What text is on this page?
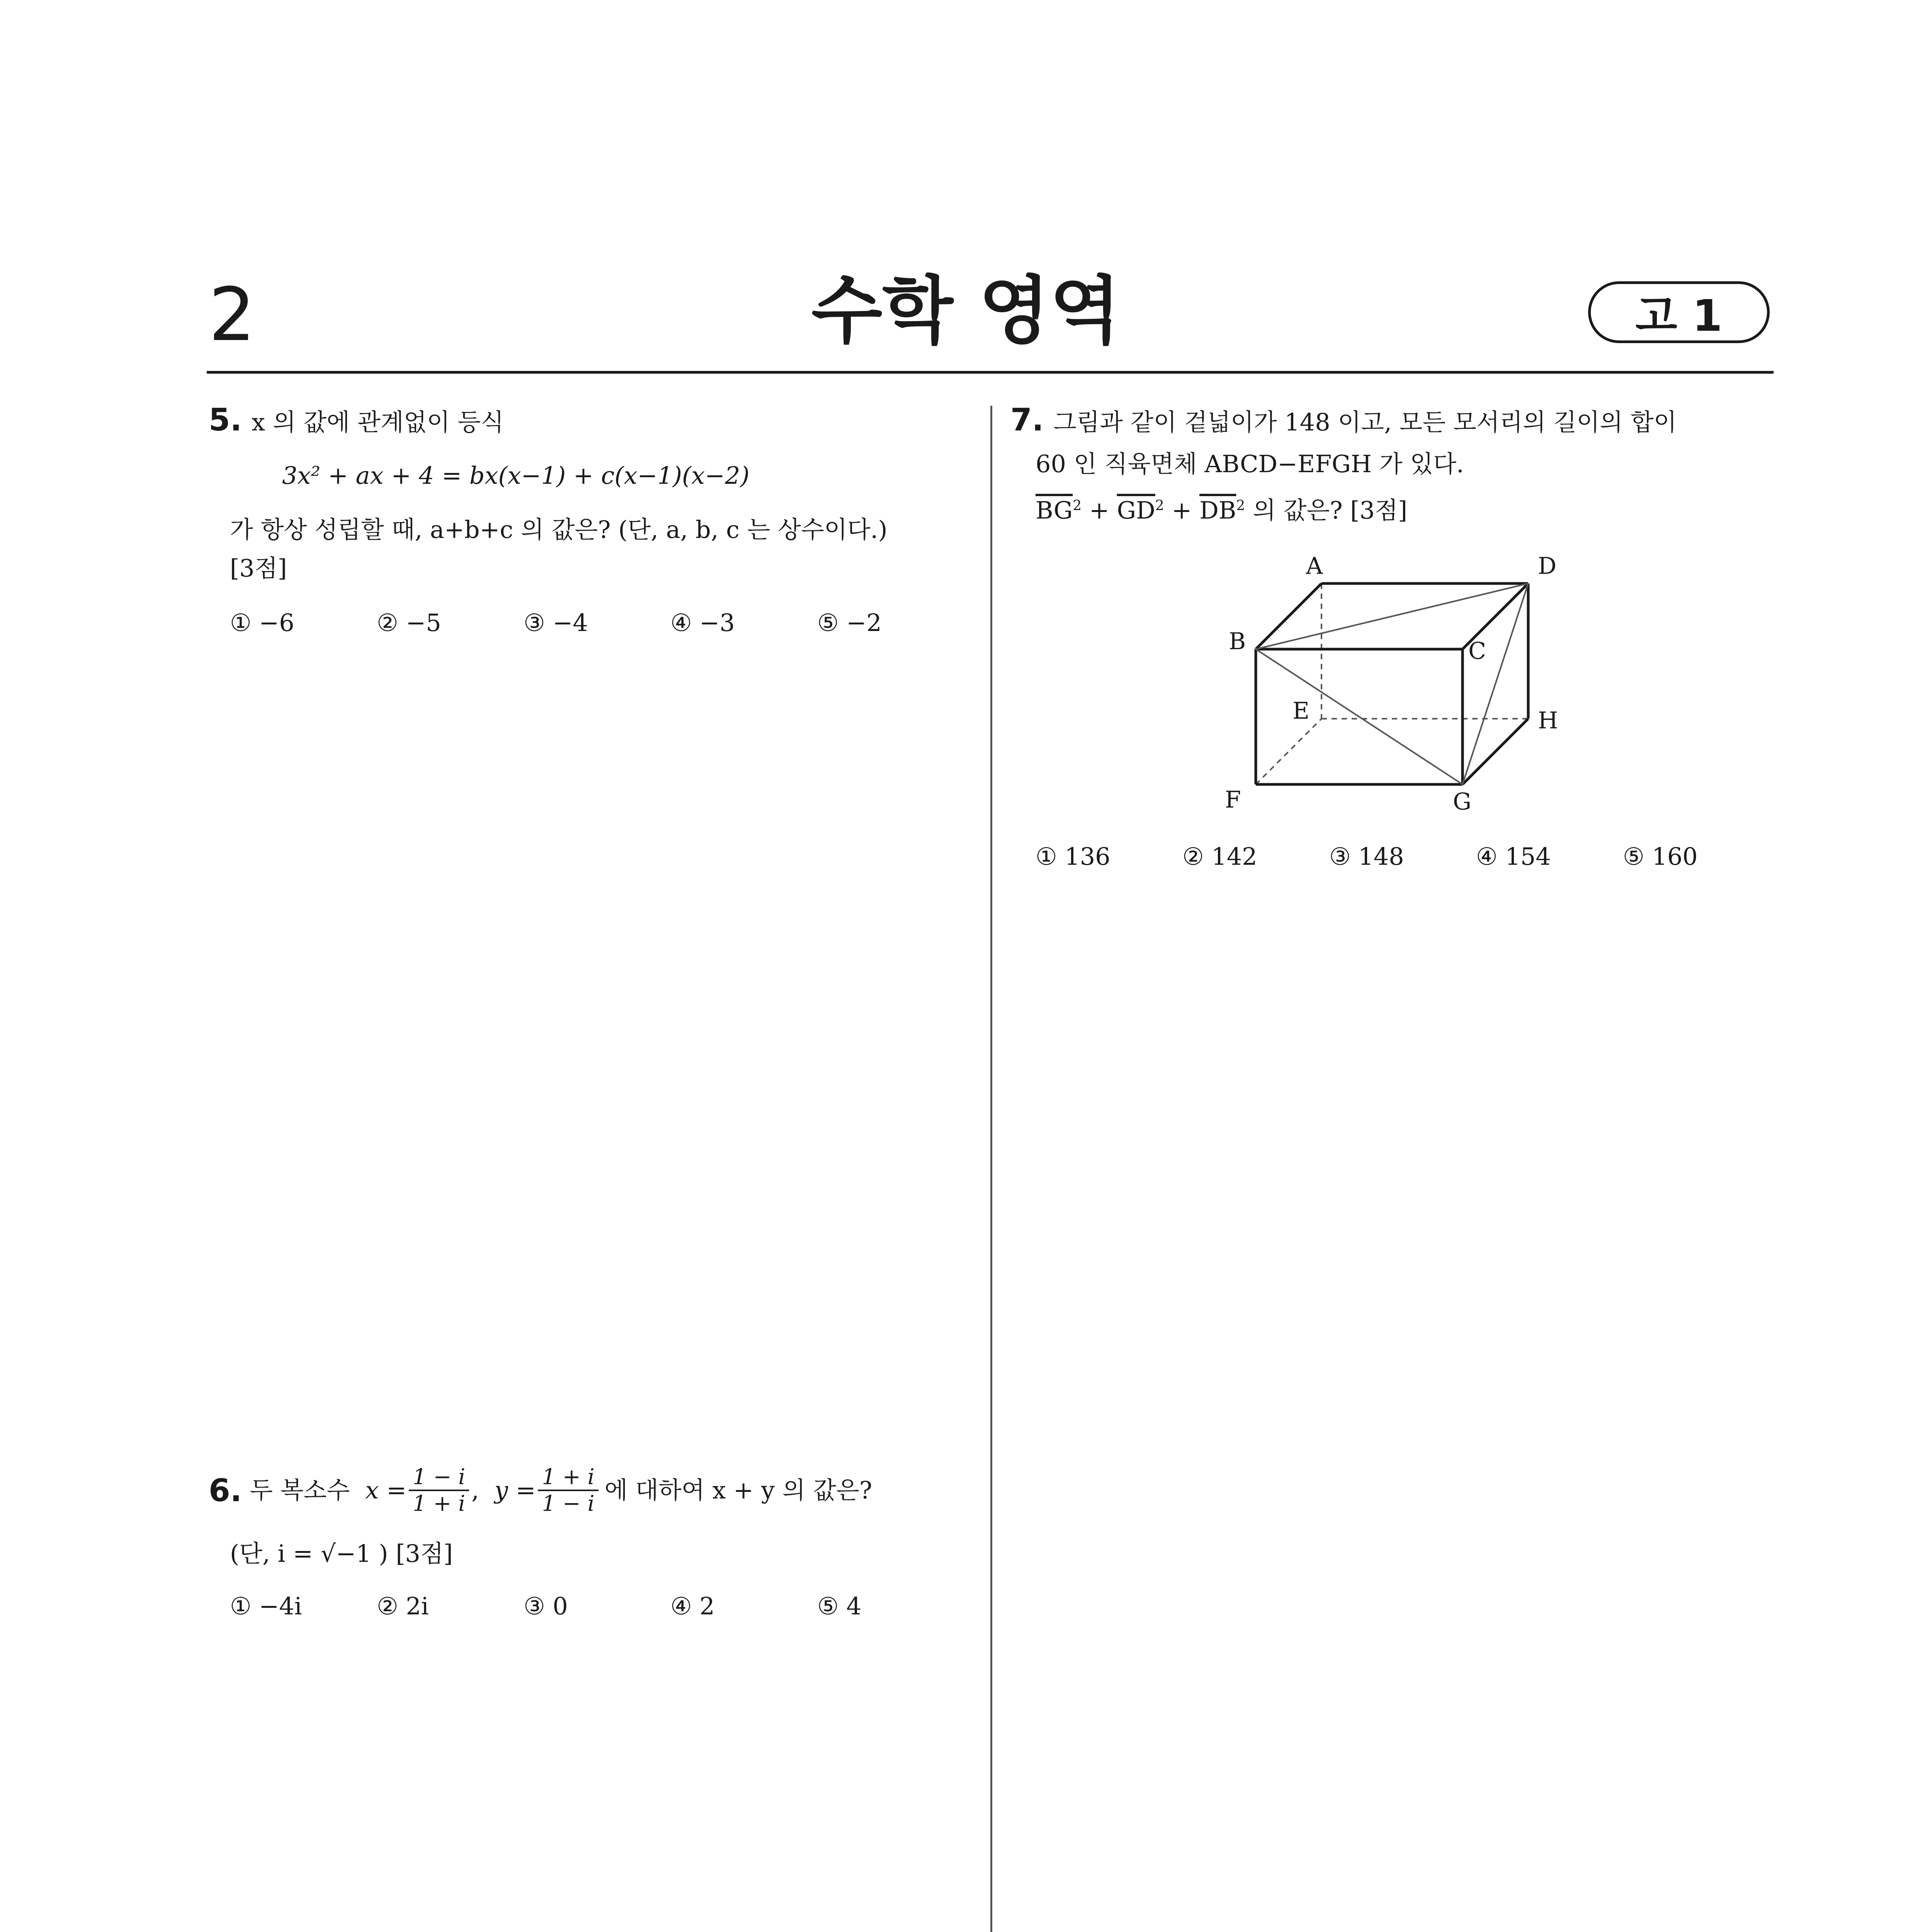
2	수학 영역	고 1
5. x 의 값에 관계없이 등식
3x² + ax + 4 = bx(x−1) + c(x−1)(x−2)
가 항상 성립할 때, a+b+c 의 값은? (단, a, b, c 는 상수이다.)
[3점]
① −6	② −5	③ −4	④ −3	⑤ −2
6. 두 복소수 $x = \frac{1 - i}{1 + i}$ , $y = \frac{1 + i}{1 - i}$ 에 대하여 x + y 의 값은?
(단, i = √−1 ) [3점]
① −4i	② 2i	③ 0	④ 2	⑤ 4
7. 그림과 같이 겉넓이가 148 이고, 모든 모서리의 길이의 합이
60 인 직육면체 ABCD−EFGH 가 있다.
$\overline{BG}^2 + \overline{GD}^2 + \overline{DB}^2$ 의 값은? [3점]
A	D
B	C
E	H
F	G
① 136	② 142	③ 148	④ 154	⑤ 160
